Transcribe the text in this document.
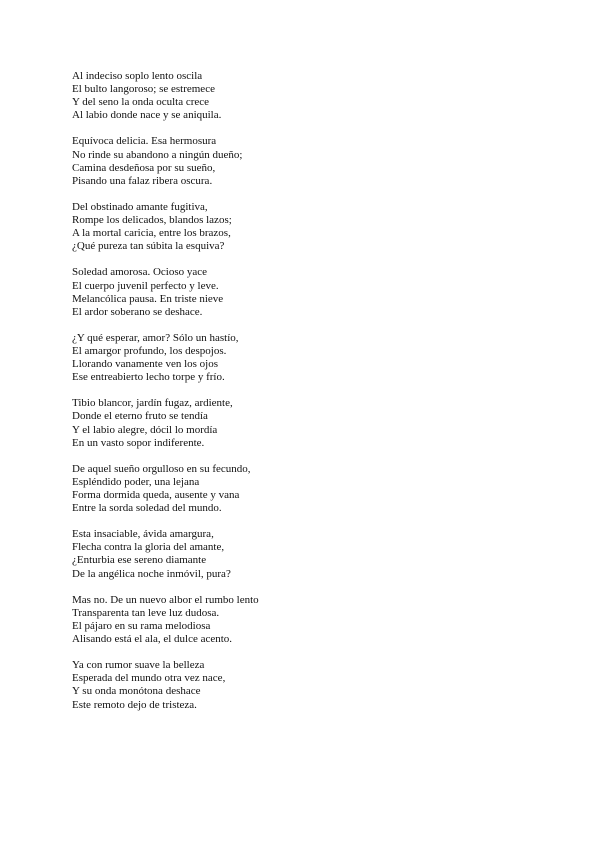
Al indeciso soplo lento oscila
El bulto langoroso; se estremece
Y del seno la onda oculta crece
Al labio donde nace y se aniquila.
Equívoca delicia. Esa hermosura
No rinde su abandono a ningún dueño;
Camina desdeñosa por su sueño,
Pisando una falaz ribera oscura.
Del obstinado amante fugitiva,
Rompe los delicados, blandos lazos;
A la mortal caricia, entre los brazos,
¿Qué pureza tan súbita la esquiva?
Soledad amorosa. Ocioso yace
El cuerpo juvenil perfecto y leve.
Melancólica pausa. En triste nieve
El ardor soberano se deshace.
¿Y qué esperar, amor? Sólo un hastío,
El amargor profundo, los despojos.
Llorando vanamente ven los ojos
Ese entreabierto lecho torpe y frío.
Tibio blancor, jardín fugaz, ardiente,
Donde el eterno fruto se tendía
Y el labio alegre, dócil lo mordía
En un vasto sopor indiferente.
De aquel sueño orgulloso en su fecundo,
Espléndido poder, una lejana
Forma dormida queda, ausente y vana
Entre la sorda soledad del mundo.
Esta insaciable, ávida amargura,
Flecha contra la gloria del amante,
¿Enturbia ese sereno diamante
De la angélica noche inmóvil, pura?
Mas no. De un nuevo albor el rumbo lento
Transparenta tan leve luz dudosa.
El pájaro en su rama melodiosa
Alisando está el ala, el dulce acento.
Ya con rumor suave la belleza
Esperada del mundo otra vez nace,
Y su onda monótona deshace
Este remoto dejo de tristeza.
